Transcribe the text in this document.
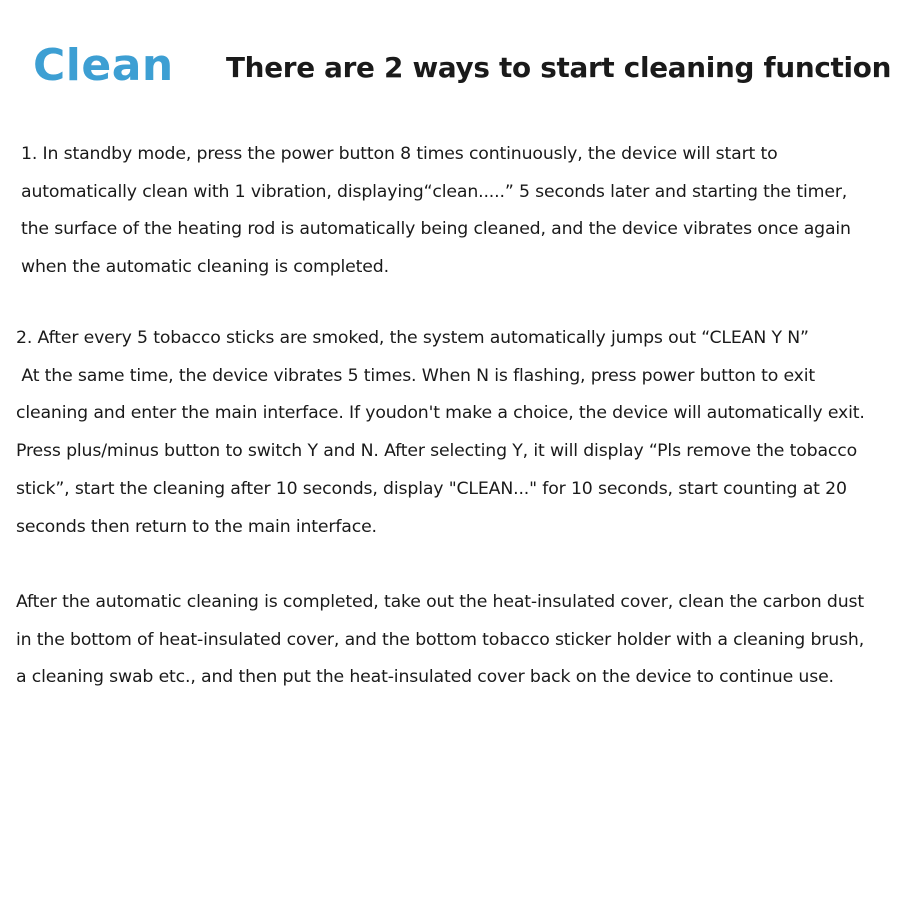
Clean There are 2 ways to start cleaning function
1. In standby mode, press the power button 8 times continuously, the device will start to
automatically clean with 1 vibration, displaying“clean.....” 5 seconds later and starting the timer,
the surface of the heating rod is automatically being cleaned, and the device vibrates once again
when the automatic cleaning is completed.
2. After every 5 tobacco sticks are smoked, the system automatically jumps out “CLEAN Y N”
At the same time, the device vibrates 5 times. When N is flashing, press power button to exit
cleaning and enter the main interface. If youdon't make a choice, the device will automatically exit.
Press plus/minus button to switch Y and N. After selecting Y, it will display “Pls remove the tobacco
stick”, start the cleaning after 10 seconds, display "CLEAN..." for 10 seconds, start counting at 20
seconds then return to the main interface.
After the automatic cleaning is completed, take out the heat-insulated cover, clean the carbon dust
in the bottom of heat-insulated cover, and the bottom tobacco sticker holder with a cleaning brush,
a cleaning swab etc., and then put the heat-insulated cover back on the device to continue use.
